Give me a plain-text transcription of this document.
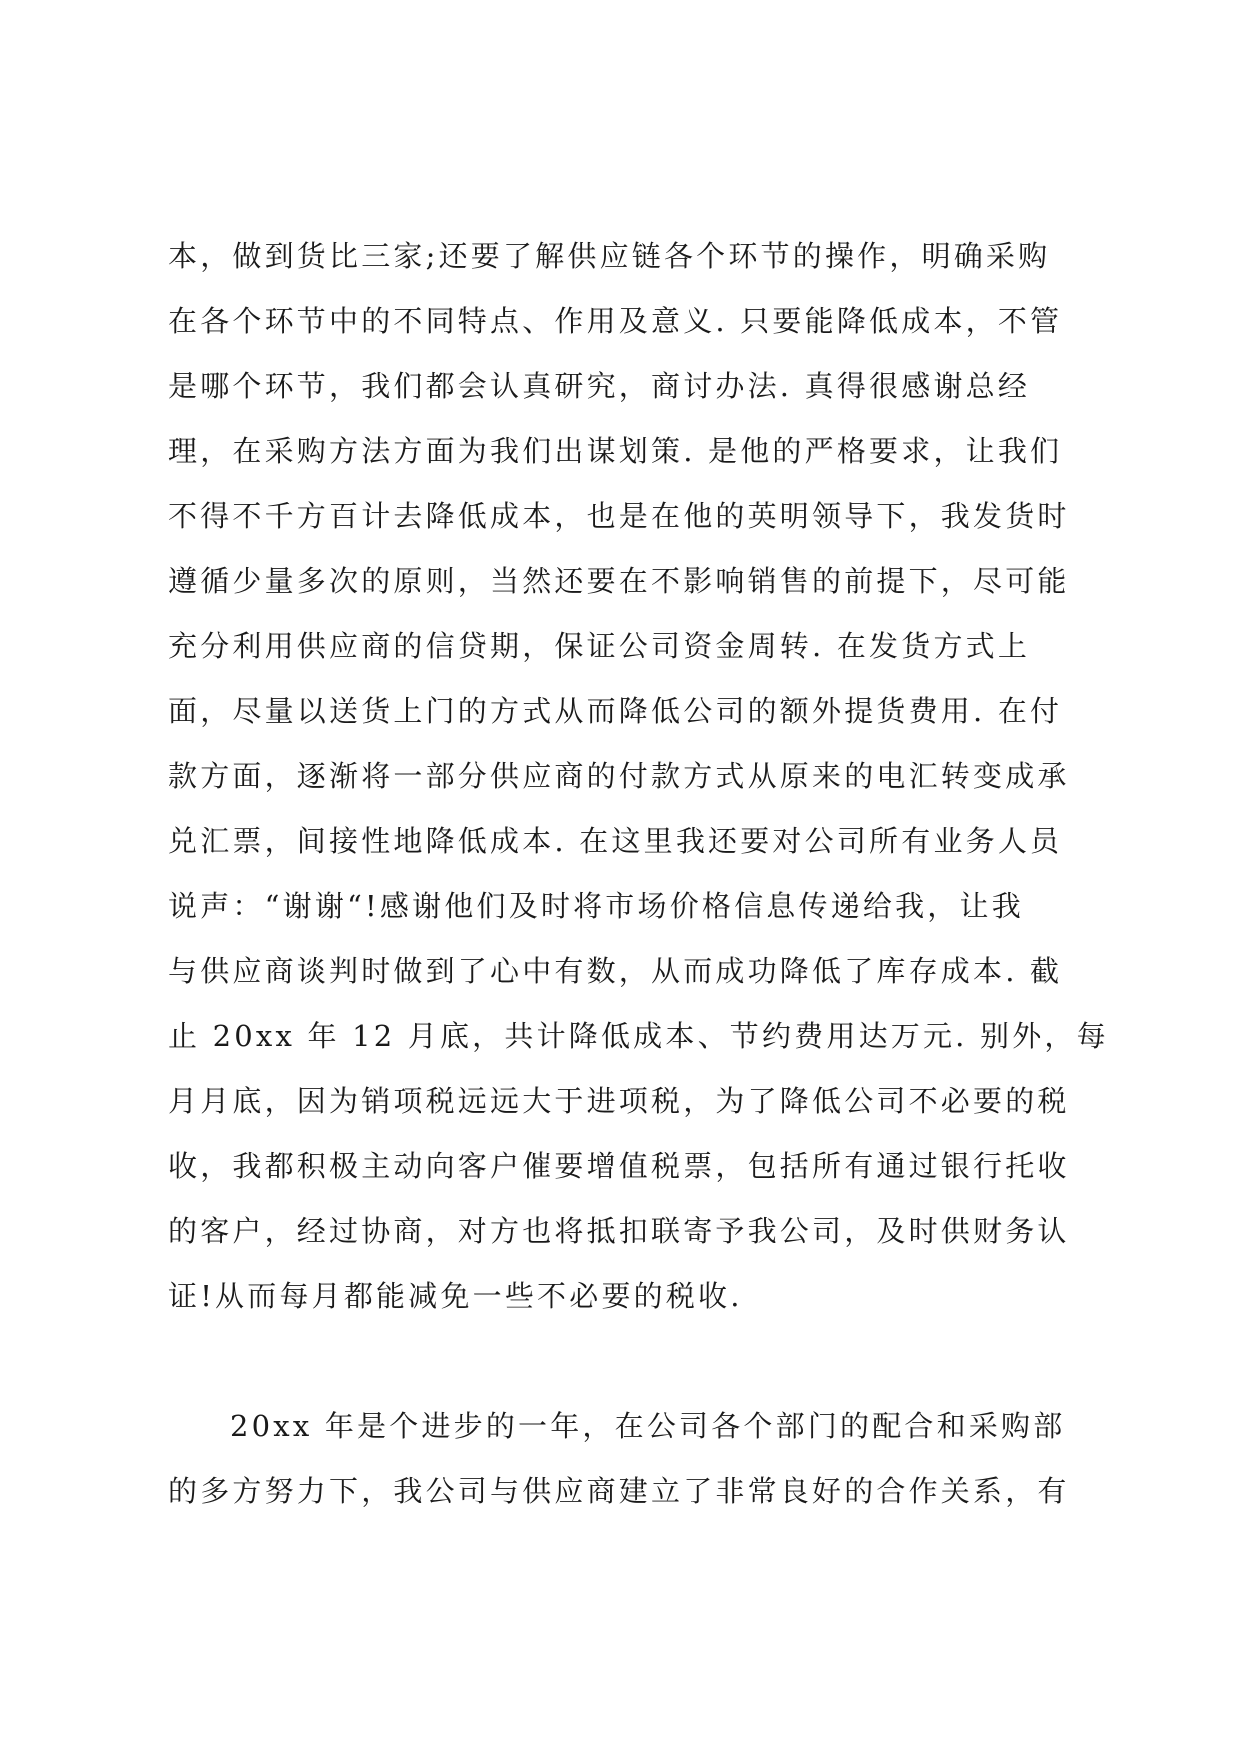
本，做到货比三家;还要了解供应链各个环节的操作，明确采购
在各个环节中的不同特点、作用及意义. 只要能降低成本，不管
是哪个环节，我们都会认真研究，商讨办法. 真得很感谢总经
理，在采购方法方面为我们出谋划策. 是他的严格要求，让我们
不得不千方百计去降低成本，也是在他的英明领导下，我发货时
遵循少量多次的原则，当然还要在不影响销售的前提下，尽可能
充分利用供应商的信贷期，保证公司资金周转. 在发货方式上
面，尽量以送货上门的方式从而降低公司的额外提货费用. 在付
款方面，逐渐将一部分供应商的付款方式从原来的电汇转变成承
兑汇票，间接性地降低成本. 在这里我还要对公司所有业务人员
说声：“谢谢“!感谢他们及时将市场价格信息传递给我，让我
与供应商谈判时做到了心中有数，从而成功降低了库存成本. 截
止 20xx 年 12 月底，共计降低成本、节约费用达万元. 别外，每
月月底，因为销项税远远大于进项税，为了降低公司不必要的税
收，我都积极主动向客户催要增值税票，包括所有通过银行托收
的客户，经过协商，对方也将抵扣联寄予我公司，及时供财务认
证!从而每月都能减免一些不必要的税收.
20xx 年是个进步的一年，在公司各个部门的配合和采购部
的多方努力下，我公司与供应商建立了非常良好的合作关系，有
